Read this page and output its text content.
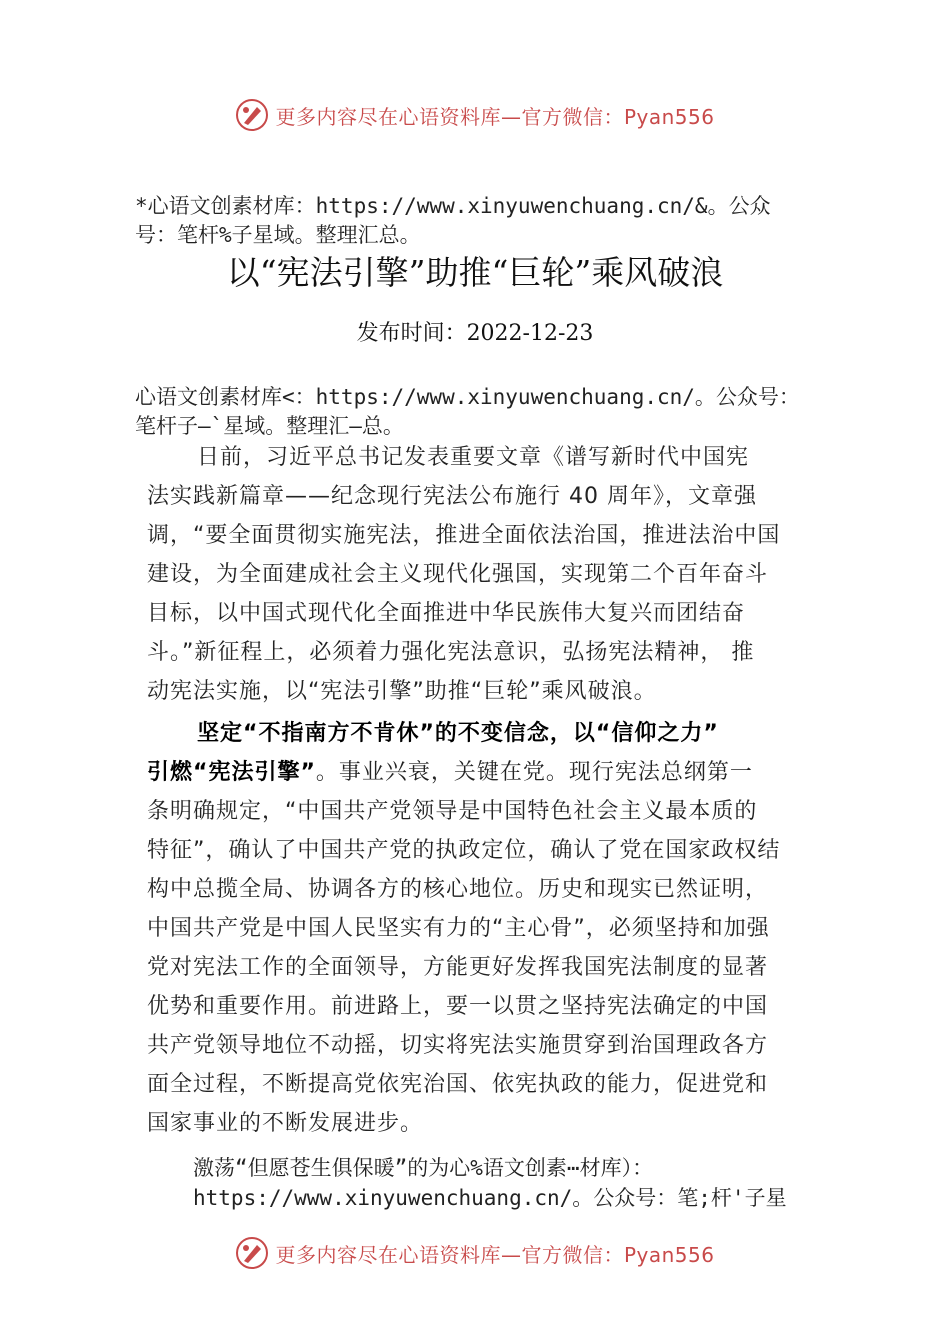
更多内容尽在心语资料库—官方微信：Pyan556
*心语文创素材库：https://www.xinyuwenchuang.cn/&。公众
号：笔杆%子星域。整理汇总。
以“宪法引擎”助推“巨轮”乘风破浪
发布时间：2022-12-23
心语文创素材库<：https://www.xinyuwenchuang.cn/。公众号：
笔杆子—`星域。整理汇—总。
日前，习近平总书记发表重要文章《谱写新时代中国宪
法实践新篇章——纪念现行宪法公布施行 40 周年》，文章强
调，“要全面贯彻实施宪法，推进全面依法治国，推进法治中国
建设，为全面建成社会主义现代化强国，实现第二个百年奋斗
目标，以中国式现代化全面推进中华民族伟大复兴而团结奋
斗。”新征程上，必须着力强化宪法意识，弘扬宪法精神， 推
动宪法实施，以“宪法引擎”助推“巨轮”乘风破浪。
坚定“不指南方不肯休”的不变信念，以“信仰之力”
引燃“宪法引擎”。事业兴衰，关键在党。现行宪法总纲第一
条明确规定，“中国共产党领导是中国特色社会主义最本质的
特征”，确认了中国共产党的执政定位，确认了党在国家政权结
构中总揽全局、协调各方的核心地位。历史和现实已然证明，
中国共产党是中国人民坚实有力的“主心骨”，必须坚持和加强
党对宪法工作的全面领导，方能更好发挥我国宪法制度的显著
优势和重要作用。前进路上，要一以贯之坚持宪法确定的中国
共产党领导地位不动摇，切实将宪法实施贯穿到治国理政各方
面全过程，不断提高党依宪治国、依宪执政的能力，促进党和
国家事业的不断发展进步。
激荡“但愿苍生俱保暖”的为心%语文创素⋯材库）：
https://www.xinyuwenchuang.cn/。公众号：笔;杆'子星
更多内容尽在心语资料库—官方微信：Pyan556
